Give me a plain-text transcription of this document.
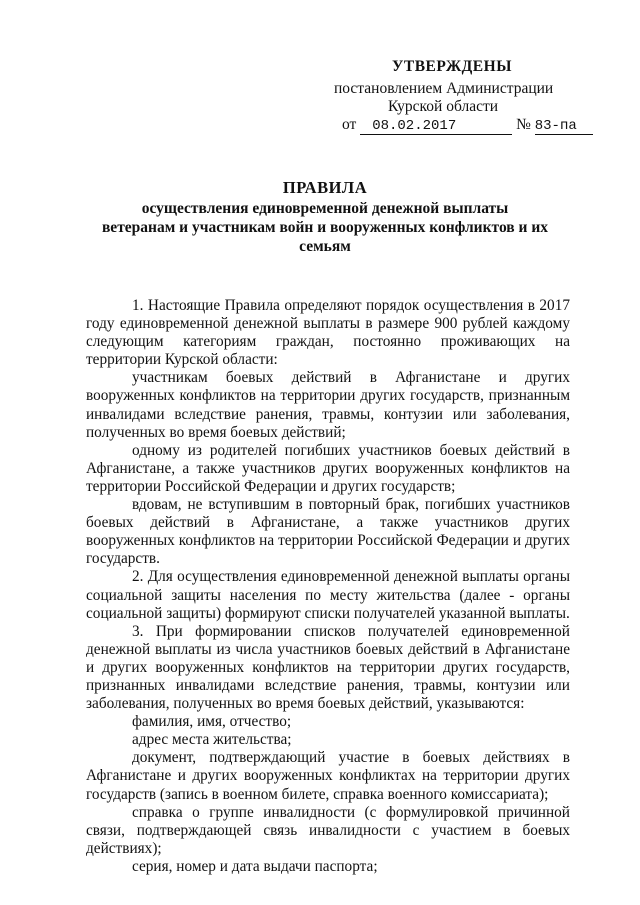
УТВЕРЖДЕНЫ
постановлением Администрации
Курской области
от 08.02.2017	№ 83-па
ПРАВИЛА
осуществления единовременной денежной выплаты
ветеранам и участникам войн и вооруженных конфликтов и их
семьям

1. Настоящие Правила определяют порядок осуществления в 2017 году единовременной денежной выплаты в размере 900 рублей каждому следующим категориям граждан, постоянно проживающих на территории Курской области:

участникам боевых действий в Афганистане и других вооруженных конфликтов на территории других государств, признанным инвалидами вследствие ранения, травмы, контузии или заболевания, полученных во время боевых действий;

одному из родителей погибших участников боевых действий в Афганистане, а также участников других вооруженных конфликтов на территории Российской Федерации и других государств;

вдовам, не вступившим в повторный брак, погибших участников боевых действий в Афганистане, а также участников других вооруженных конфликтов на территории Российской Федерации и других государств.

2. Для осуществления единовременной денежной выплаты органы социальной защиты населения по месту жительства (далее - органы социальной защиты) формируют списки получателей указанной выплаты.

3. При формировании списков получателей единовременной денежной выплаты из числа участников боевых действий в Афганистане и других вооруженных конфликтов на территории других государств, признанных инвалидами вследствие ранения, травмы, контузии или заболевания, полученных во время боевых действий, указываются:

фамилия, имя, отчество;

адрес места жительства;

документ, подтверждающий участие в боевых действиях в Афганистане и других вооруженных конфликтах на территории других государств (запись в военном билете, справка военного комиссариата);

справка о группе инвалидности (с формулировкой причинной связи, подтверждающей связь инвалидности с участием в боевых действиях);

серия, номер и дата выдачи паспорта;
